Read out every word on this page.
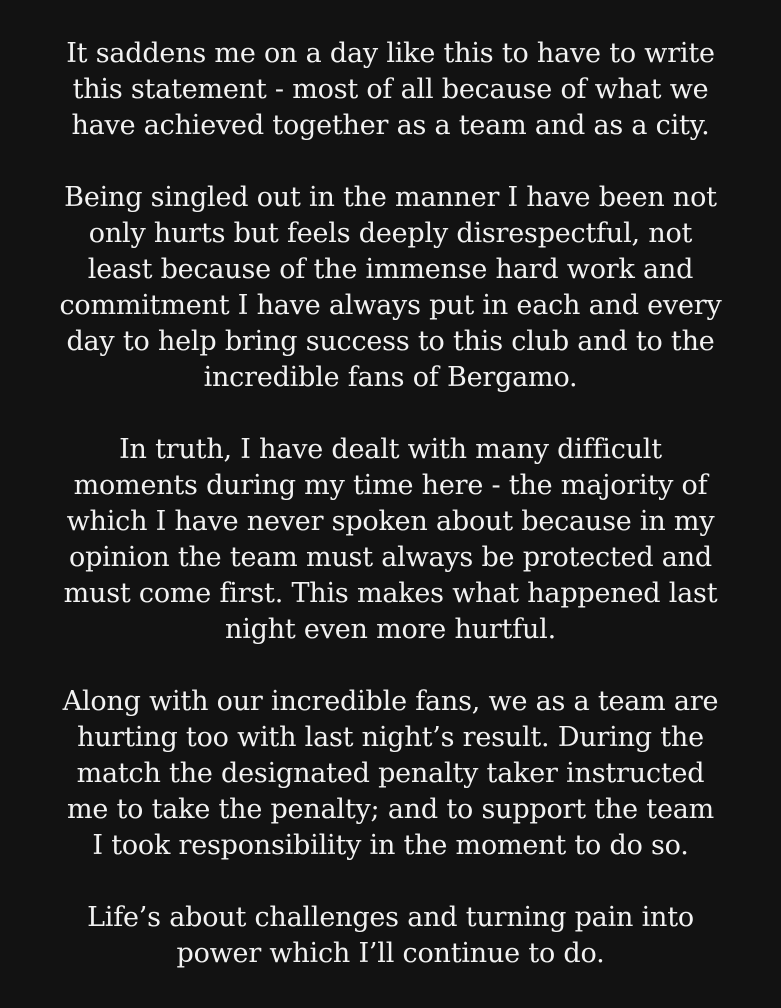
It saddens me on a day like this to have to write
this statement - most of all because of what we
have achieved together as a team and as a city.
Being singled out in the manner I have been not
only hurts but feels deeply disrespectful, not
least because of the immense hard work and
commitment I have always put in each and every
day to help bring success to this club and to the
incredible fans of Bergamo.
In truth, I have dealt with many difficult
moments during my time here - the majority of
which I have never spoken about because in my
opinion the team must always be protected and
must come first. This makes what happened last
night even more hurtful.
Along with our incredible fans, we as a team are
hurting too with last night’s result. During the
match the designated penalty taker instructed
me to take the penalty; and to support the team
I took responsibility in the moment to do so.
Life’s about challenges and turning pain into
power which I’ll continue to do.
